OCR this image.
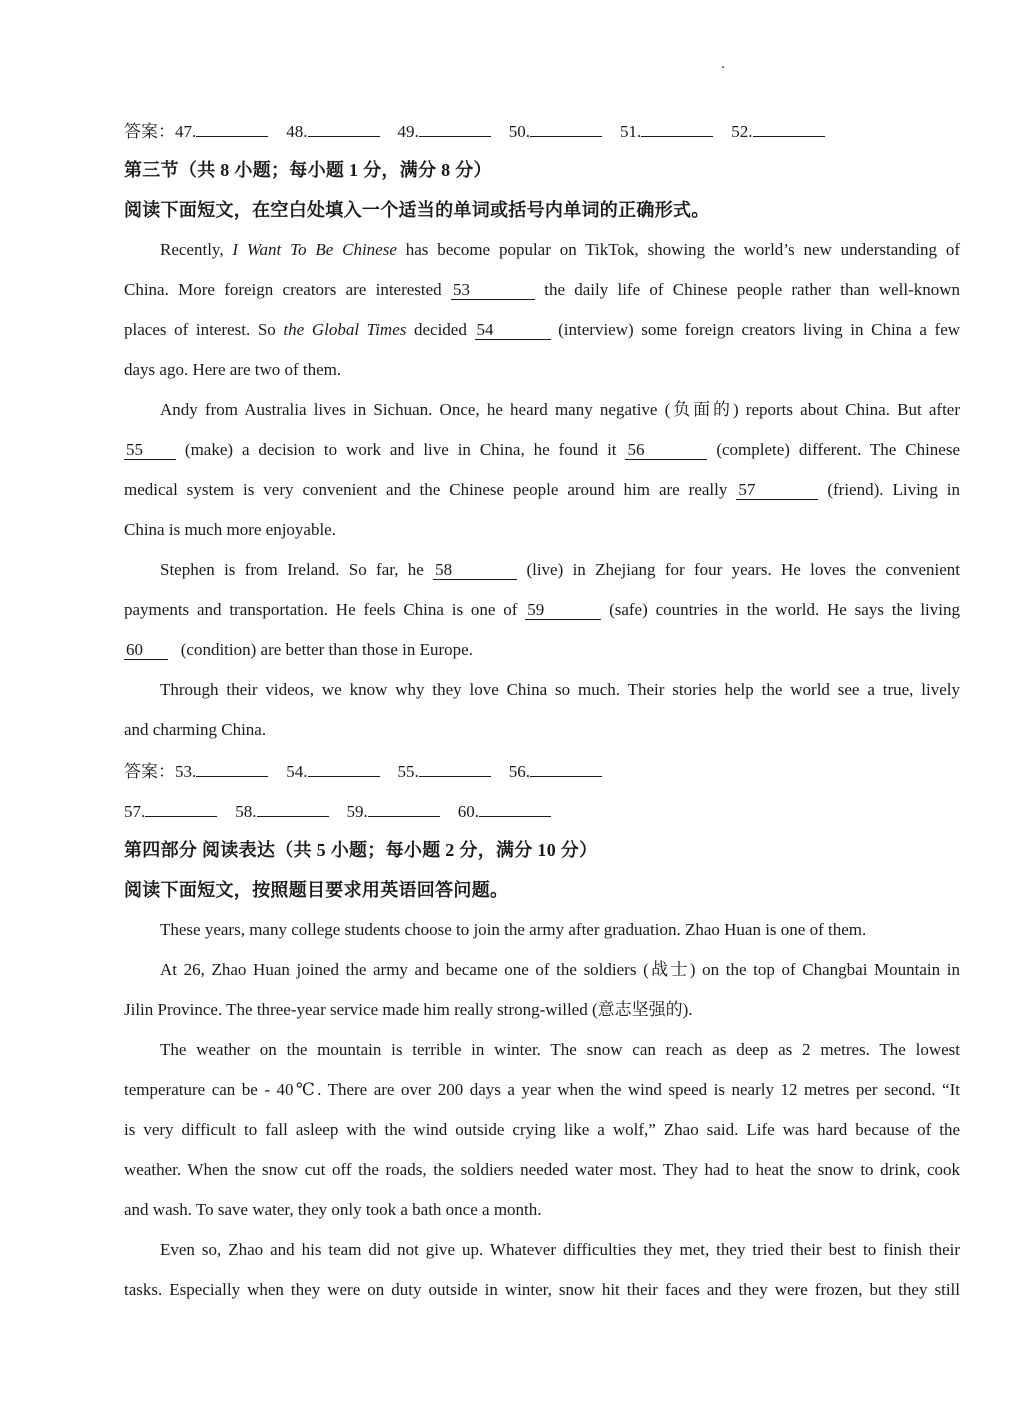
答案：47.	48.	49.	50.	51.	52.
第三节（共 8 小题；每小题 1 分，满分 8 分）
阅读下面短文，在空白处填入一个适当的单词或括号内单词的正确形式。
Recently, I Want To Be Chinese has become popular on TikTok, showing the world’s new understanding of
China. More foreign creators are interested 53	the daily life of Chinese people rather than well-known
places of interest. So the Global Times decided 54	(interview) some foreign creators living in China a few
days ago. Here are two of them.
Andy from Australia lives in Sichuan. Once, he heard many negative (负面的) reports about China. But after
55 (make) a decision to work and live in China, he found it 56	(complete) different. The Chinese
medical system is very convenient and the Chinese people around him are really 57	(friend). Living in
China is much more enjoyable.
Stephen is from Ireland. So far, he 58	(live) in Zhejiang for four years. He loves the convenient
payments and transportation. He feels China is one of 59	(safe) countries in the world. He says the living
60 (condition) are better than those in Europe.
Through their videos, we know why they love China so much. Their stories help the world see a true, lively
and charming China.
答案：53.	54.	55.	56.
57.	58.	59.	60.
第四部分 阅读表达（共 5 小题；每小题 2 分，满分 10 分）
阅读下面短文，按照题目要求用英语回答问题。
These years, many college students choose to join the army after graduation. Zhao Huan is one of them.
At 26, Zhao Huan joined the army and became one of the soldiers (战士) on the top of Changbai Mountain in
Jilin Province. The three-year service made him really strong-willed (意志坚强的).
The weather on the mountain is terrible in winter. The snow can reach as deep as 2 metres. The lowest
temperature can be - 40℃. There are over 200 days a year when the wind speed is nearly 12 metres per second. “It
is very difficult to fall asleep with the wind outside crying like a wolf,” Zhao said. Life was hard because of the
weather. When the snow cut off the roads, the soldiers needed water most. They had to heat the snow to drink, cook
and wash. To save water, they only took a bath once a month.
Even so, Zhao and his team did not give up. Whatever difficulties they met, they tried their best to finish their
tasks. Especially when they were on duty outside in winter, snow hit their faces and they were frozen, but they still
